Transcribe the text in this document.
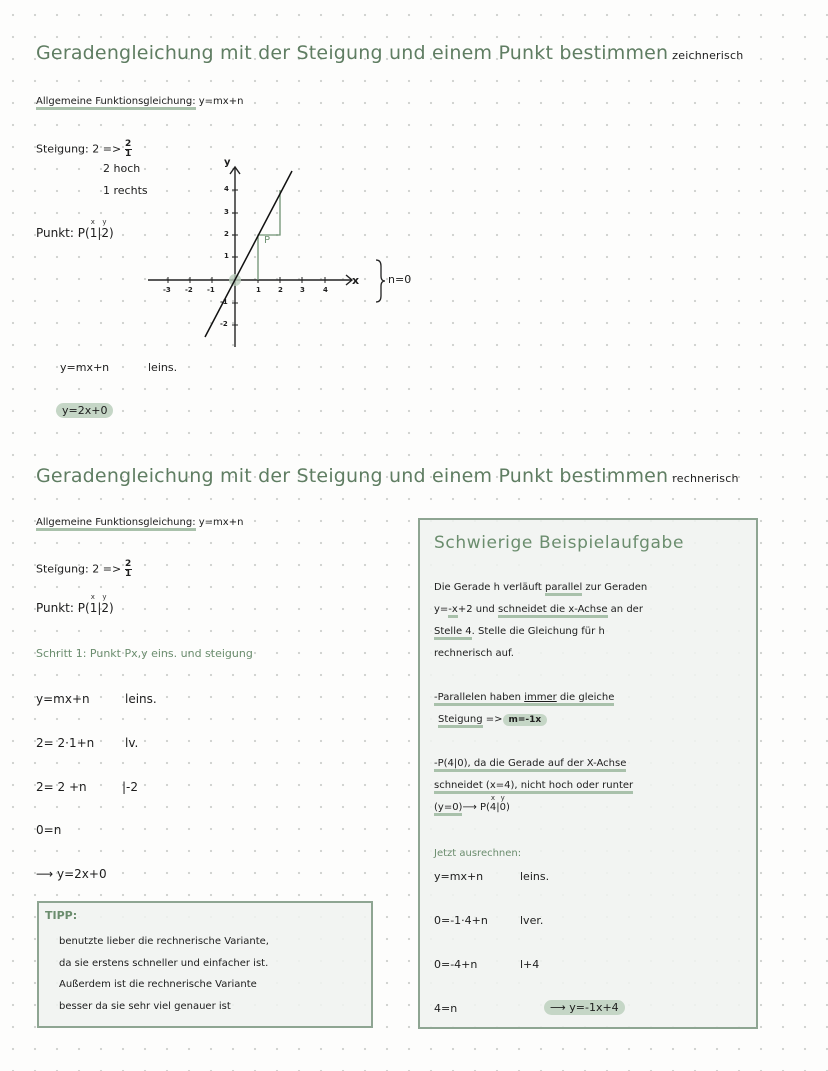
Geradengleichung mit der Steigung und einem Punkt bestimmen zeichnerisch
Allgemeine Funktionsgleichung: y=mx+n
Steigung: $2 => \frac{2}{1}$
2 hoch
1 rechts
Punkt: P(
x
1|
y
2)
y
x
-3 -2 -1	1 2 3	4
4
3
2
1
-1
-2
P
n=0
y=mx+n	leins.
y=2x+0
Geradengleichung mit der Steigung und einem Punkt bestimmen rechnerisch
Allgemeine Funktionsgleichung: y=mx+n
Steigung: $2 => \frac{2}{1}$
Punkt: P(
x
1|
y
2)
Schritt 1: Punkt Px,y eins. und steigung
y=mx+n	leins.
2= 2·1+n	lv.
2= 2 +n	|-2
0=n
⟶ y=2x+0
TIPP:
benutzte lieber die rechnerische Variante,
da sie erstens schneller und einfacher ist.
Außerdem ist die rechnerische Variante
besser da sie sehr viel genauer ist
Schwierige Beispielaufgabe
Die Gerade h verläuft parallel zur Geraden
y=-x+2 und schneidet die x-Achse an der
Stelle 4. Stelle die Gleichung für h
rechnerisch auf.
-Parallelen haben immer die gleiche
Steigung => m=-1x
-P(4|0), da die Gerade auf der X-Achse
schneidet (x=4), nicht hoch oder runter
(y=0)⟶ P(
x
4|
y
0)
Jetzt ausrechnen:
y=mx+n	leins.
0=-1·4+n	lver.
0=-4+n	l+4
4=n	⟶ y=-1x+4
